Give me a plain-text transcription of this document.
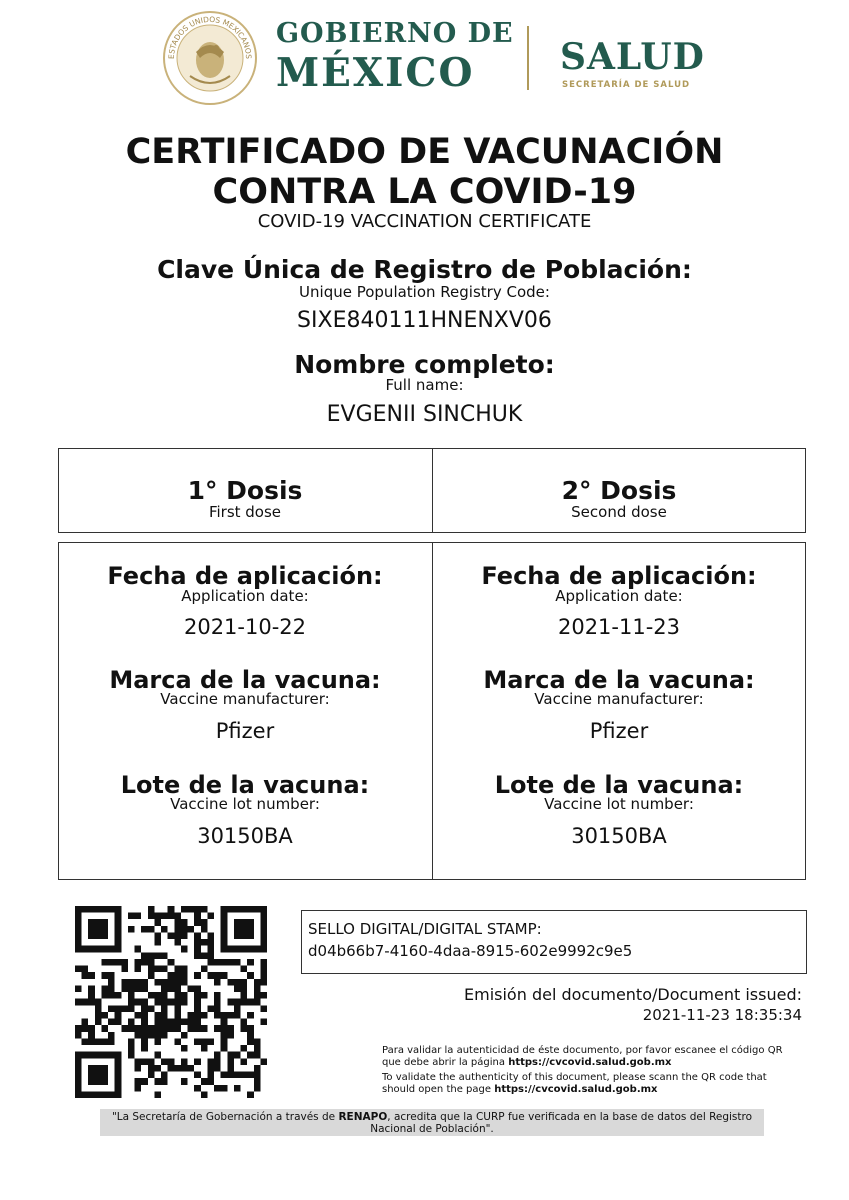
ESTADOS UNIDOS MEXICANOS
GOBIERNO DE
MÉXICO SALUD
SECRETARÍA DE SALUD
CERTIFICADO DE VACUNACIÓN
CONTRA LA COVID-19
COVID-19 VACCINATION CERTIFICATE
Clave Única de Registro de Población:
Unique Population Registry Code:
SIXE840111HNENXV06
Nombre completo:
Full name:
EVGENII SINCHUK
1° Dosis
First dose
2° Dosis
Second dose
Fecha de aplicación:
Application date:
2021-10-22
Marca de la vacuna:
Vaccine manufacturer:
Pfizer
Lote de la vacuna:
Vaccine lot number:
30150BA
Fecha de aplicación:
Application date:
2021-11-23
Marca de la vacuna:
Vaccine manufacturer:
Pfizer
Lote de la vacuna:
Vaccine lot number:
30150BA
SELLO DIGITAL/DIGITAL STAMP:
d04b66b7-4160-4daa-8915-602e9992c9e5
Emisión del documento/Document issued:
2021-11-23 18:35:34
Para validar la autenticidad de éste documento, por favor escanee el código QR que debe abrir la página https://cvcovid.salud.gob.mx
To validate the authenticity of this document, please scann the QR code that should open the page https://cvcovid.salud.gob.mx
"La Secretaría de Gobernación a través de RENAPO, acredita que la CURP fue verificada en la base de datos del Registro Nacional de Población".
